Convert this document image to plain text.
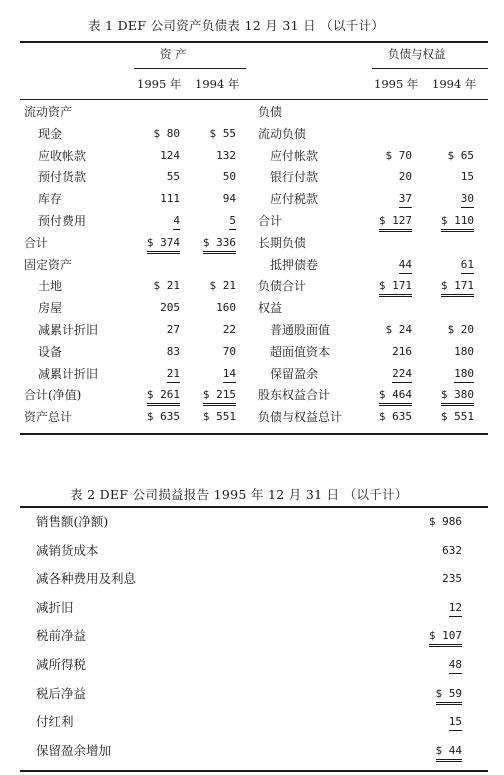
表 1 DEF 公司资产负债表 12 月 31 日 （以千计）
资 产	负债与权益
1995 年 1994 年	1995 年 1994 年
流动资产
现金	$ 80	$ 55
应收帐款	124	132
预付货款	55	50
库存	111	94
预付费用	4	5
合计	$ 374 $ 336
固定资产
土地	$ 21	$ 21
房屋	205	160
减累计折旧	27	22
设备	83	70
减累计折旧	21	14
合计(净值)	$ 261 $ 215
资产总计	$ 635 $ 551
负债
流动负债
应付帐款	$ 70	$ 65
银行付款	20	15
应付税款	37	30
合计	$ 127	$ 110
长期负债
抵押债卷	44	61
负债合计	$ 171	$ 171
权益
普通股面值	$ 24	$ 20
超面值资本	216	180
保留盈余	224	180
股东权益合计	$ 464	$ 380
负债与权益总计	$ 635	$ 551
表 2 DEF 公司损益报告 1995 年 12 月 31 日 （以千计）
销售额(净额)	$ 986
减销货成本	632
减各种费用及利息	235
减折旧	12
税前净益	$ 107
减所得税	48
税后净益	$ 59
付红利	15
保留盈余增加	$ 44
